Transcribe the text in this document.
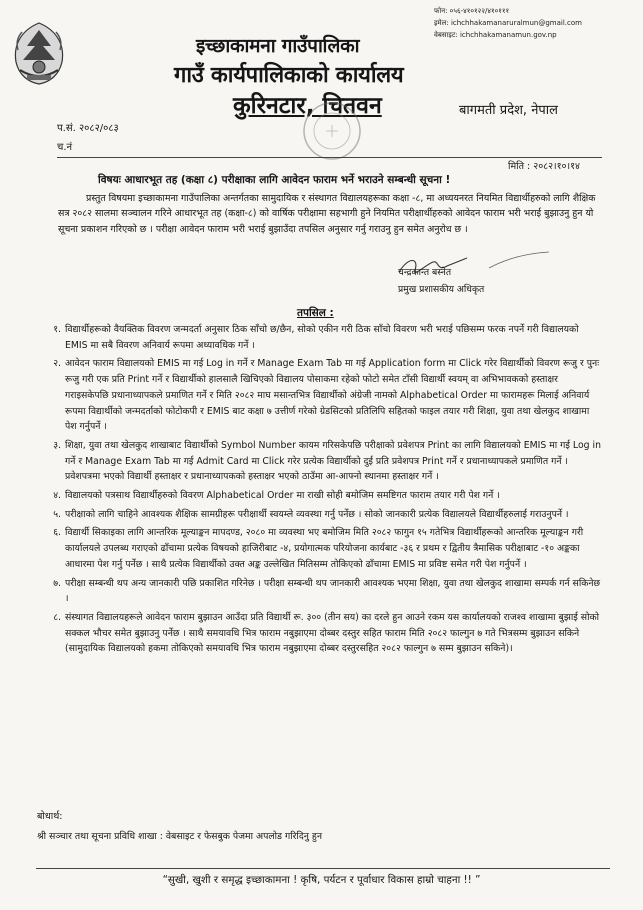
फोन: ०५६-४१०१२२/४१०१११
इमेल: ichchhakamanaruralmun@gmail.com
वेबसाइट: ichchhakamanamun.gov.np
इच्छाकामना गाउँपालिका
गाउँ कार्यपालिकाको कार्यालय
कुरिनटार, चितवन	बागमती प्रदेश, नेपाल
प.सं. २०८२/०८३
च.नं
मिति : २०८२।१०।१४
विषयः आधारभूत तह (कक्षा ८) परीक्षाका लागि आवेदन फाराम भर्ने भराउने सम्बन्धी सूचना !
प्रस्तुत विषयमा इच्छाकामना गाउँपालिका अन्तर्गतका सामुदायिक र संस्थागत विद्यालयहरूका कक्षा -८, मा अध्ययनरत नियमित विद्यार्थीहरुको लागि शैक्षिक सत्र २०८२ सालमा सञ्चालन गरिने आधारभूत तह (कक्षा-८) को वार्षिक परीक्षामा सहभागी हुने नियमित परीक्षार्थीहरुको आवेदन फाराम भरी भराई बुझाउनु हुन यो सूचना प्रकाशन गरिएको छ । परीक्षा आवेदन फाराम भरी भराई बुझाउँदा तपसिल अनुसार गर्नु गराउनु हुन समेत अनुरोध छ ।
चन्द्रकान्त बस्नेत
प्रमुख प्रशासकीय अधिकृत
तपसिल :
१. विद्यार्थीहरूको वैयक्तिक विवरण जन्मदर्ता अनुसार ठिक साँचो छ/छैन, सोको एकीन गरी ठिक साँचो विवरण भरी भराई पछिसम्म फरक नपर्ने गरी विद्यालयको EMIS मा सबै विवरण अनिवार्य रूपमा अध्यावधिक गर्ने ।
२. आवेदन फाराम विद्यालयको EMIS मा गई Log in गर्ने र Manage Exam Tab मा गई Application form मा Click गरेर विद्यार्थीको विवरण रूजु र पुनः रूजु गरी एक प्रति Print गर्ने र विद्यार्थीको हालसालै खिचिएको विद्यालय पोसाकमा रहेको फोटो समेत टाँसी विद्यार्थी स्वयम् वा अभिभावकको हस्ताक्षर गराइसकेपछि प्रधानाध्यापकले प्रमाणित गर्ने र मिति २०८२ माघ मसान्तभित्र विद्यार्थीको अंग्रेजी नामको Alphabetical Order मा फारामहरू मिलाई अनिवार्य रूपमा विद्यार्थीको जन्मदर्ताको फोटोकपी र EMIS बाट कक्षा ७ उत्तीर्ण गरेको ग्रेडसिटको प्रतिलिपि सहितको फाइल तयार गरी शिक्षा, युवा तथा खेलकुद शाखामा पेश गर्नुपर्ने ।
३. शिक्षा, युवा तथा खेलकुद शाखाबाट विद्यार्थीको Symbol Number कायम गरिसकेपछि परीक्षाको प्रवेशपत्र Print का लागि विद्यालयको EMIS मा गई Log in गर्ने र Manage Exam Tab मा गई Admit Card मा Click गरेर प्रत्येक विद्यार्थीको दुई प्रति प्रवेशपत्र Print गर्ने र प्रधानाध्यापकले प्रमाणित गर्ने । प्रवेशपत्रमा भएको विद्यार्थी हस्ताक्षर र प्रधानाध्यापकको हस्ताक्षर भएको ठाउँमा आ-आफ्नो स्थानमा हस्ताक्षर गर्ने ।
४. विद्यालयको पत्रसाथ विद्यार्थीहरुको विवरण Alphabetical Order मा राखी सोही बमोजिम समष्टिगत फाराम तयार गरी पेश गर्ने ।
५. परीक्षाको लागि चाहिने आवश्यक शैक्षिक सामग्रीहरू परीक्षार्थी स्वयम्ले व्यवस्था गर्नु पर्नेछ । सोको जानकारी प्रत्येक विद्यालयले विद्यार्थीहरुलाई गराउनुपर्ने ।
६. विद्यार्थी सिकाइका लागि आन्तरिक मूल्याङ्कन मापदण्ड, २०८० मा व्यवस्था भए बमोजिम मिति २०८२ फागुन १५ गतेभित्र विद्यार्थीहरूको आन्तरिक मूल्याङ्कन गरी कार्यालयले उपलब्ध गराएको ढाँचामा प्रत्येक विषयको हाजिरीबाट -४, प्रयोगात्मक परियोजना कार्यबाट -३६ र प्रथम र द्वितीय त्रैमासिक परीक्षाबाट -१० अङ्कका आधारमा पेश गर्नु पर्नेछ । साथै प्रत्येक विद्यार्थीको उक्त अङ्क उल्लेखित मितिसम्म तोकिएको ढाँचामा EMIS मा प्रविष्ट समेत गरी पेश गर्नुपर्ने ।
७. परीक्षा सम्बन्धी थप अन्य जानकारी पछि प्रकाशित गरिनेछ । परीक्षा सम्बन्धी थप जानकारी आवश्यक भएमा शिक्षा, युवा तथा खेलकुद शाखामा सम्पर्क गर्न सकिनेछ ।
८. संस्थागत विद्यालयहरूले आवेदन फाराम बुझाउन आउँदा प्रति विद्यार्थी रू. ३०० (तीन सय) का दरले हुन आउने रकम यस कार्यालयको राजश्व शाखामा बुझाई सोको सक्कल भौचर समेत बुझाउनु पर्नेछ । साथै समयावधि भित्र फाराम नबुझाएमा दोब्बर दस्तुर सहित फाराम मिति २०८२ फाल्गुन ७ गते भित्रसम्म बुझाउन सकिने (सामुदायिक विद्यालयको हकमा तोकिएको समयावधि भित्र फाराम नबुझाएमा दोब्बर दस्तुरसहित २०८२ फाल्गुन ७ सम्म बुझाउन सकिने)।
बोधार्थ:
श्री सञ्चार तथा सूचना प्रविधि शाखा : वेबसाइट र फेसबुक पेजमा अपलोड गरिदिनु हुन
“सुखी, खुशी र समृद्ध इच्छाकामना ! कृषि, पर्यटन र पूर्वाधार विकास हाम्रो चाहना !! ”
